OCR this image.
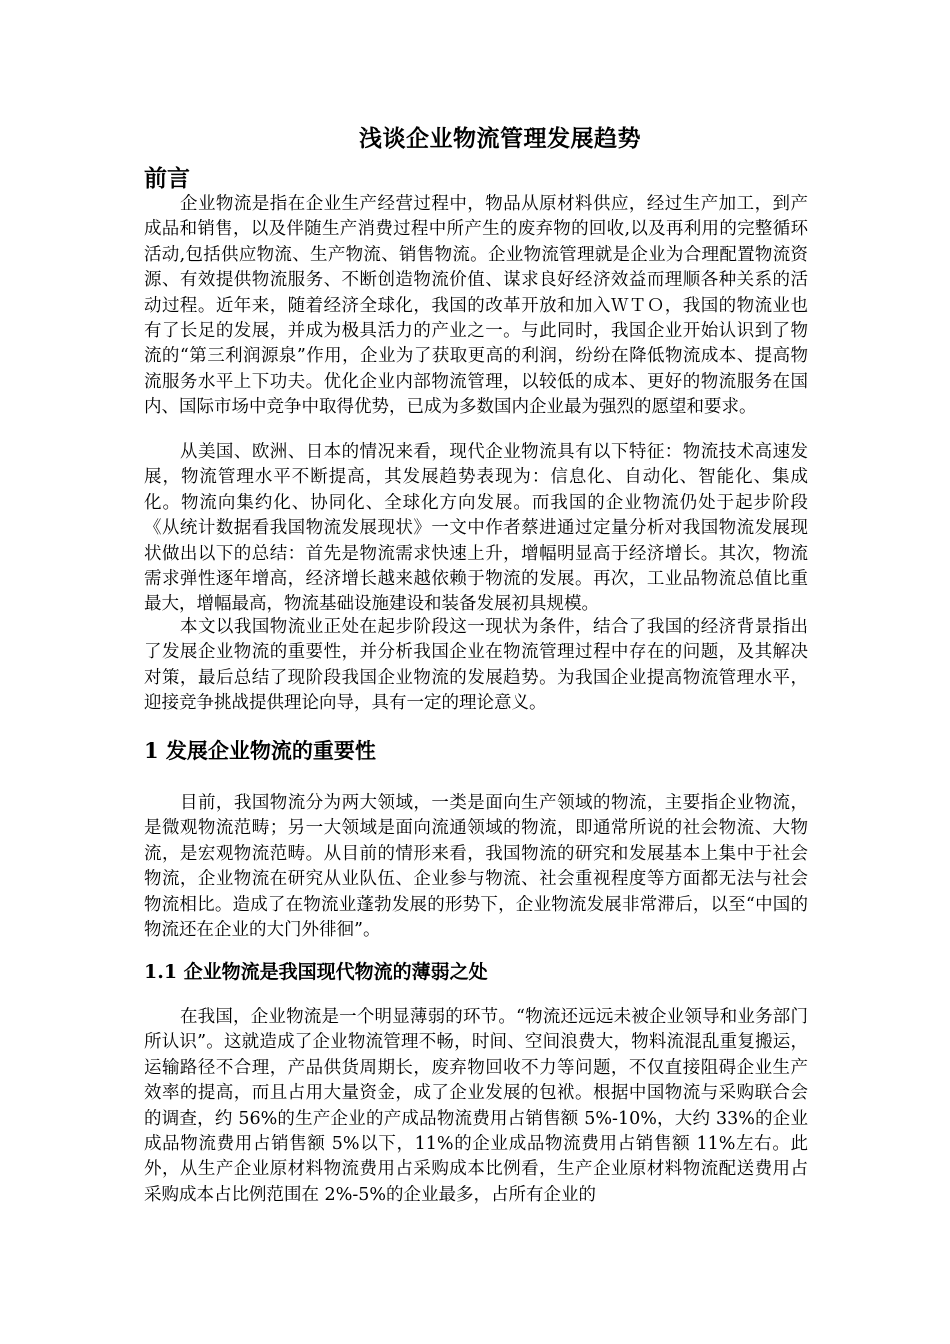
浅谈企业物流管理发展趋势
前言

企业物流是指在企业生产经营过程中，物品从原材料供应，经过生产加工，到产成品和销售，以及伴随生产消费过程中所产生的废弃物的回收,以及再利用的完整循环活动,包括供应物流、生产物流、销售物流。企业物流管理就是企业为合理配置物流资源、有效提供物流服务、不断创造物流价值、谋求良好经济效益而理顺各种关系的活动过程。近年来，随着经济全球化，我国的改革开放和加入ＷＴＯ，我国的物流业也有了长足的发展，并成为极具活力的产业之一。与此同时，我国企业开始认识到了物流的“第三利润源泉”作用，企业为了获取更高的利润，纷纷在降低物流成本、提高物流服务水平上下功夫。优化企业内部物流管理，以较低的成本、更好的物流服务在国内、国际市场中竞争中取得优势，已成为多数国内企业最为强烈的愿望和要求。

从美国、欧洲、日本的情况来看，现代企业物流具有以下特征：物流技术高速发展，物流管理水平不断提高，其发展趋势表现为：信息化、自动化、智能化、集成化。物流向集约化、协同化、全球化方向发展。而我国的企业物流仍处于起步阶段《从统计数据看我国物流发展现状》一文中作者蔡进通过定量分析对我国物流发展现状做出以下的总结：首先是物流需求快速上升，增幅明显高于经济增长。其次，物流需求弹性逐年增高，经济增长越来越依赖于物流的发展。再次，工业品物流总值比重最大，增幅最高，物流基础设施建设和装备发展初具规模。

本文以我国物流业正处在起步阶段这一现状为条件，结合了我国的经济背景指出了发展企业物流的重要性，并分析我国企业在物流管理过程中存在的问题，及其解决对策，最后总结了现阶段我国企业物流的发展趋势。为我国企业提高物流管理水平，迎接竞争挑战提供理论向导，具有一定的理论意义。

1 发展企业物流的重要性

目前，我国物流分为两大领域，一类是面向生产领域的物流，主要指企业物流，是微观物流范畴；另一大领域是面向流通领域的物流，即通常所说的社会物流、大物流，是宏观物流范畴。从目前的情形来看，我国物流的研究和发展基本上集中于社会物流，企业物流在研究从业队伍、企业参与物流、社会重视程度等方面都无法与社会物流相比。造成了在物流业蓬勃发展的形势下，企业物流发展非常滞后，以至“中国的物流还在企业的大门外徘徊”。

1.1 企业物流是我国现代物流的薄弱之处

在我国，企业物流是一个明显薄弱的环节。“物流还远远未被企业领导和业务部门所认识”。这就造成了企业物流管理不畅，时间、空间浪费大，物料流混乱重复搬运，运输路径不合理，产品供货周期长，废弃物回收不力等问题，不仅直接阻碍企业生产效率的提高，而且占用大量资金，成了企业发展的包袱。根据中国物流与采购联合会的调查，约 56%的生产企业的产成品物流费用占销售额 5%-10%，大约 33%的企业成品物流费用占销售额 5%以下，11%的企业成品物流费用占销售额 11%左右。此外，从生产企业原材料物流费用占采购成本比例看，生产企业原材料物流配送费用占采购成本占比例范围在 2%-5%的企业最多，占所有企业的
